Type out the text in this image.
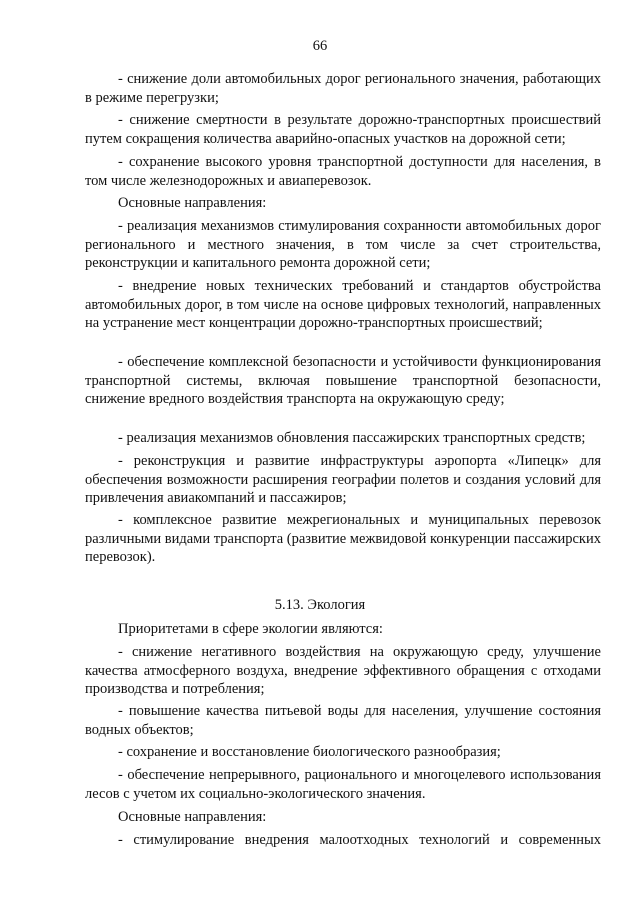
66

- снижение доли автомобильных дорог регионального значения, работающих в режиме перегрузки;

- снижение смертности в результате дорожно-транспортных происшествий путем сокращения количества аварийно-опасных участков на дорожной сети;

- сохранение высокого уровня транспортной доступности для населения, в том числе железнодорожных и авиаперевозок.

Основные направления:

- реализация механизмов стимулирования сохранности автомобильных дорог регионального и местного значения, в том числе за счет строительства, реконструкции и капитального ремонта дорожной сети;

- внедрение новых технических требований и стандартов обустройства автомобильных дорог, в том числе на основе цифровых технологий, направленных на устранение мест концентрации дорожно-транспортных происшествий;

- обеспечение комплексной безопасности и устойчивости функционирования транспортной системы, включая повышение транспортной безопасности, снижение вредного воздействия транспорта на окружающую среду;

- реализация механизмов обновления пассажирских транспортных средств;

- реконструкция и развитие инфраструктуры аэропорта «Липецк» для обеспечения возможности расширения географии полетов и создания условий для привлечения авиакомпаний и пассажиров;

- комплексное развитие межрегиональных и муниципальных перевозок различными видами транспорта (развитие межвидовой конкуренции пассажирских перевозок).

5.13. Экология

Приоритетами в сфере экологии являются:

- снижение негативного воздействия на окружающую среду, улучшение качества атмосферного воздуха, внедрение эффективного обращения с отходами производства и потребления;

- повышение качества питьевой воды для населения, улучшение состояния водных объектов;

- сохранение и восстановление биологического разнообразия;

- обеспечение непрерывного, рационального и многоцелевого использования лесов с учетом их социально-экологического значения.

Основные направления:

- стимулирование внедрения малоотходных технологий и современных
